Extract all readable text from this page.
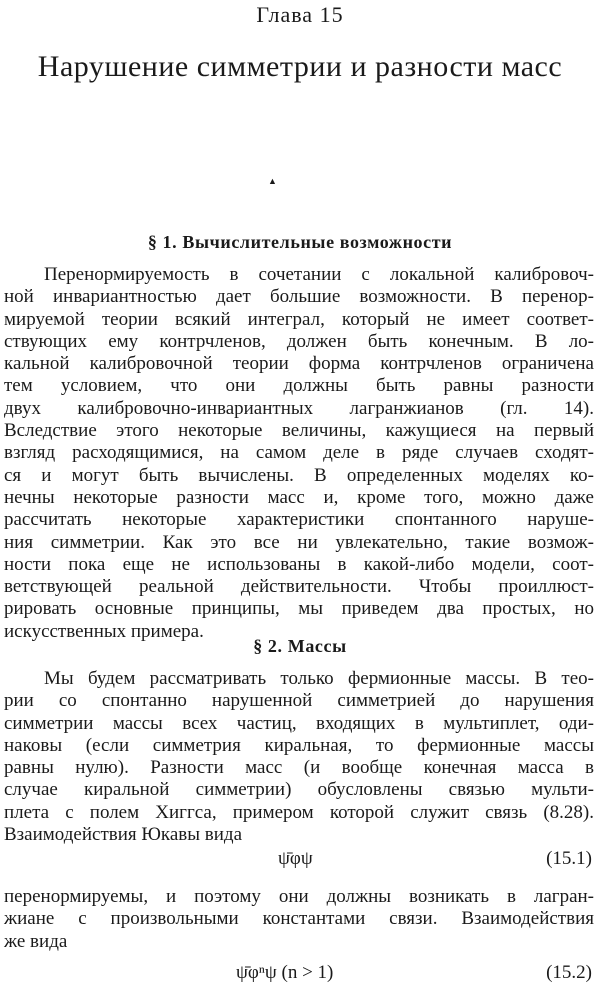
Глава 15
Нарушение симметрии и разности масс
▲
§ 1. Вычислительные возможности
Перенормируемость в сочетании с локальной калибровоч-
ной инвариантностью дает большие возможности. В перенор-
мируемой теории всякий интеграл, который не имеет соответ-
ствующих ему контрчленов, должен быть конечным. В ло-
кальной калибровочной теории форма контрчленов ограничена
тем условием, что они должны быть равны разности
двух калибровочно-инвариантных лагранжианов (гл. 14).
Вследствие этого некоторые величины, кажущиеся на первый
взгляд расходящимися, на самом деле в ряде случаев сходят-
ся и могут быть вычислены. В определенных моделях ко-
нечны некоторые разности масс и, кроме того, можно даже
рассчитать некоторые характеристики спонтанного наруше-
ния симметрии. Как это все ни увлекательно, такие возмож-
ности пока еще не использованы в какой-либо модели, соот-
ветствующей реальной действительности. Чтобы проиллюст-
рировать основные принципы, мы приведем два простых, но
искусственных примера.
§ 2. Массы
Мы будем рассматривать только фермионные массы. В тео-
рии со спонтанно нарушенной симметрией до нарушения
симметрии массы всех частиц, входящих в мультиплет, оди-
наковы (если симметрия киральная, то фермионные массы
равны нулю). Разности масс (и вообще конечная масса в
случае киральной симметрии) обусловлены связью мульти-
плета с полем Хиггса, примером которой служит связь (8.28).
Взаимодействия Юкавы вида
ψ̄φψ	(15.1)
перенормируемы, и поэтому они должны возникать в лагран-
жиане с произвольными константами связи. Взаимодействия
же вида
ψ̄φⁿψ (n > 1)	(15.2)
